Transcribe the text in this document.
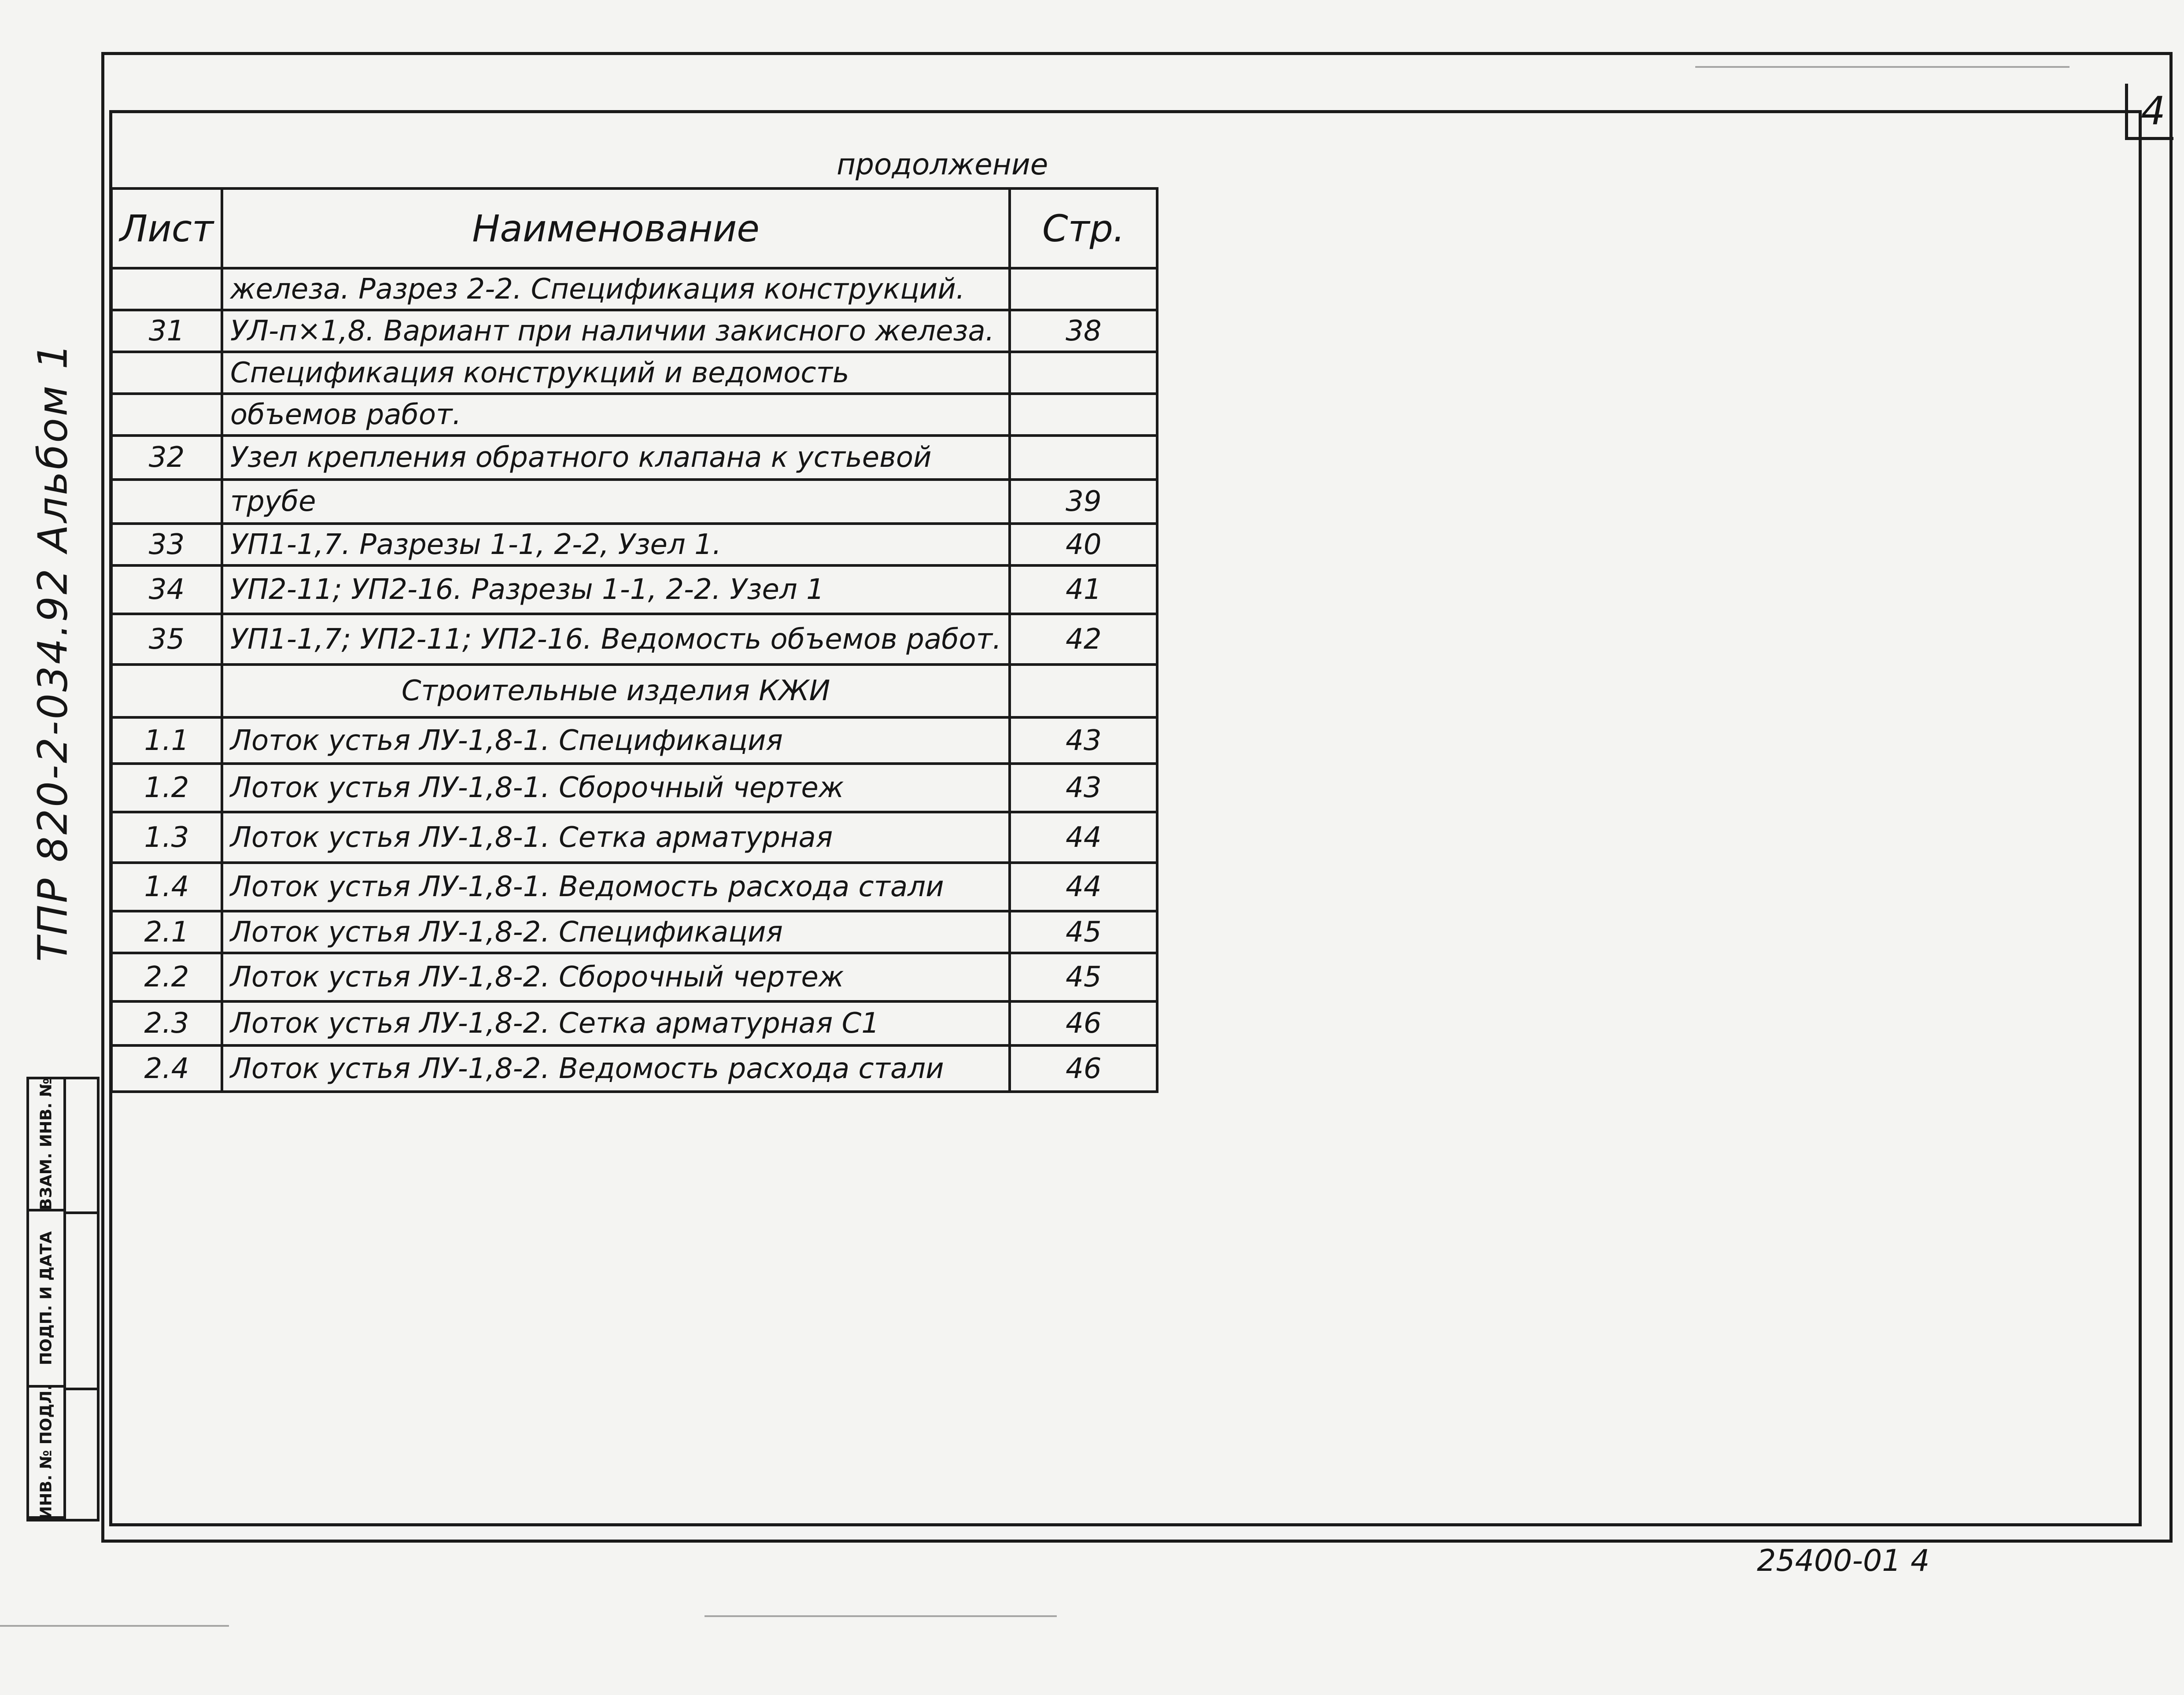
4
ТПР 820-2-034.92 Альбом 1
продолжение
Лист	Наименование	Стр.
	железа. Разрез 2-2. Спецификация конструкций.	
31	УЛ-п×1,8. Вариант при наличии закисного железа.	38
	Спецификация конструкций и ведомость	
	объемов работ.	
32	Узел крепления обратного клапана к устьевой	
	трубе	39
33	УП1-1,7. Разрезы 1-1, 2-2, Узел 1.	40
34	УП2-11; УП2-16. Разрезы 1-1, 2-2. Узел 1	41
35	УП1-1,7; УП2-11; УП2-16. Ведомость объемов работ.	42
	Строительные изделия КЖИ	
1.1	Лоток устья ЛУ-1,8-1. Спецификация	43
1.2	Лоток устья ЛУ-1,8-1. Сборочный чертеж	43
1.3	Лоток устья ЛУ-1,8-1. Сетка арматурная	44
1.4	Лоток устья ЛУ-1,8-1. Ведомость расхода стали	44
2.1	Лоток устья ЛУ-1,8-2. Спецификация	45
2.2	Лоток устья ЛУ-1,8-2. Сборочный чертеж	45
2.3	Лоток устья ЛУ-1,8-2. Сетка арматурная С1	46
2.4	Лоток устья ЛУ-1,8-2. Ведомость расхода стали	46
ВЗАМ. ИНВ. №
ПОДП. И ДАТА
ИНВ. № ПОДЛ.
25400-01 4
